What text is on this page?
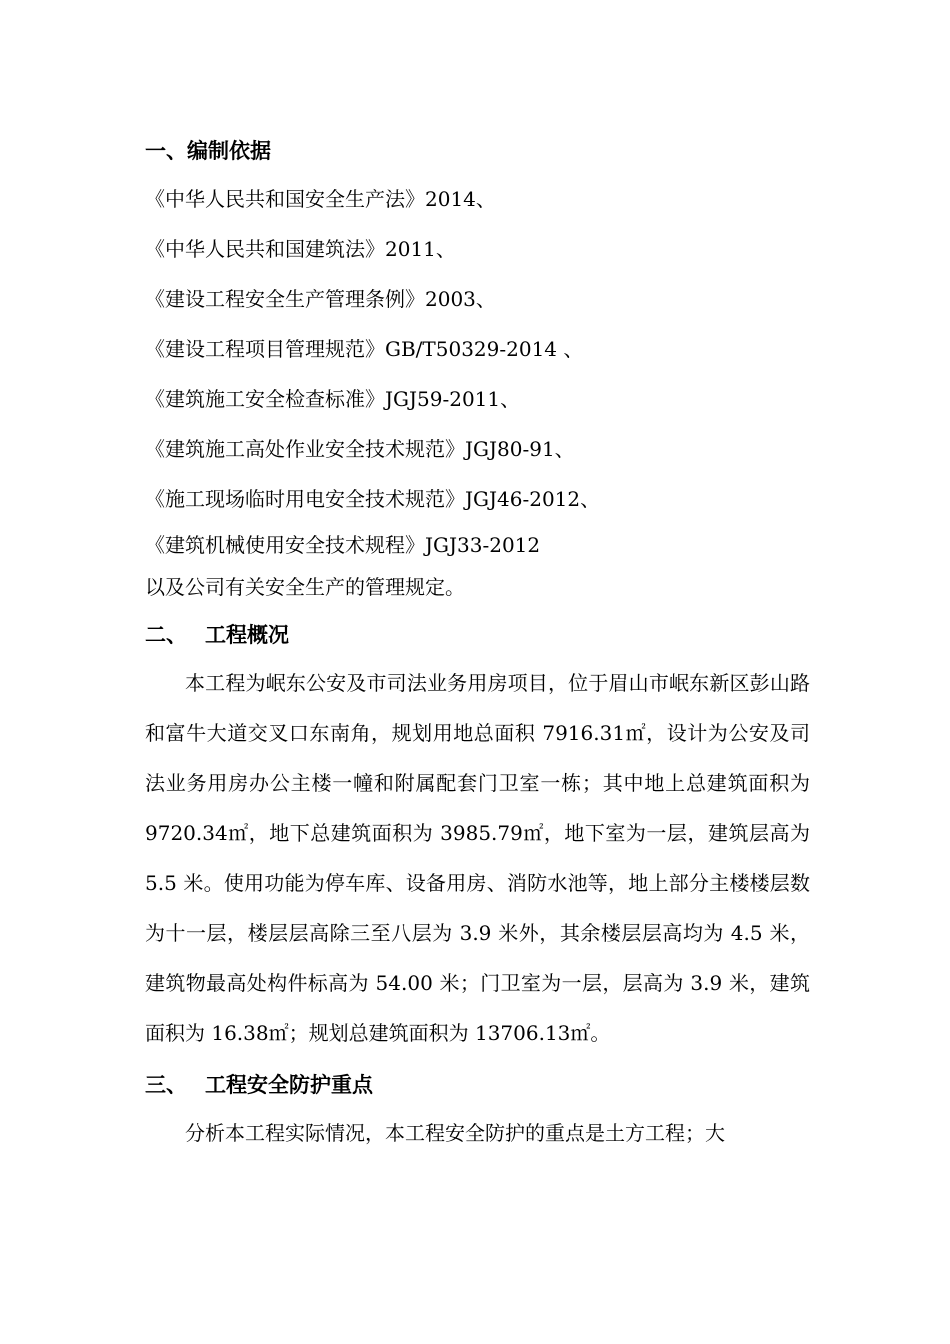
一、编制依据
《中华人民共和国安全生产法》2014、
《中华人民共和国建筑法》2011、
《建设工程安全生产管理条例》2003、
《建设工程项目管理规范》GB/T50329-2014 、
《建筑施工安全检查标准》JGJ59-2011、
《建筑施工高处作业安全技术规范》JGJ80-91、
《施工现场临时用电安全技术规范》JGJ46-2012、
《建筑机械使用安全技术规程》JGJ33-2012
以及公司有关安全生产的管理规定。
二、 工程概况

本工程为岷东公安及市司法业务用房项目，位于眉山市岷东新区彭山路和富牛大道交叉口东南角，规划用地总面积 7916.31㎡，设计为公安及司法业务用房办公主楼一幢和附属配套门卫室一栋；其中地上总建筑面积为 9720.34㎡，地下总建筑面积为 3985.79㎡，地下室为一层，建筑层高为 5.5 米。使用功能为停车库、设备用房、消防水池等，地上部分主楼楼层数为十一层，楼层层高除三至八层为 3.9 米外，其余楼层层高均为 4.5 米，建筑物最高处构件标高为 54.00 米；门卫室为一层，层高为 3.9 米，建筑面积为 16.38㎡；规划总建筑面积为 13706.13㎡。

三、 工程安全防护重点

分析本工程实际情况，本工程安全防护的重点是土方工程；大
